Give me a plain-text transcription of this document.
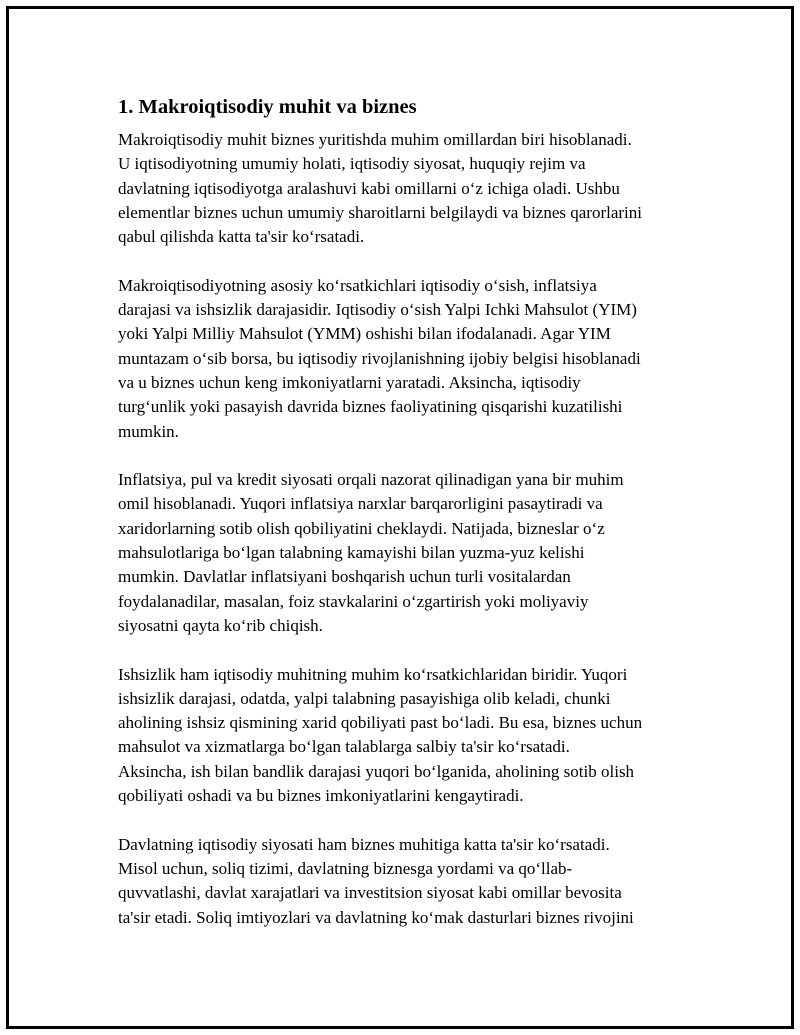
1. Makroiqtisodiy muhit va biznes

Makroiqtisodiy muhit biznes yuritishda muhim omillardan biri hisoblanadi.
U iqtisodiyotning umumiy holati, iqtisodiy siyosat, huquqiy rejim va
davlatning iqtisodiyotga aralashuvi kabi omillarni o‘z ichiga oladi. Ushbu
elementlar biznes uchun umumiy sharoitlarni belgilaydi va biznes qarorlarini
qabul qilishda katta ta'sir ko‘rsatadi.

Makroiqtisodiyotning asosiy ko‘rsatkichlari iqtisodiy o‘sish, inflatsiya
darajasi va ishsizlik darajasidir. Iqtisodiy o‘sish Yalpi Ichki Mahsulot (YIM)
yoki Yalpi Milliy Mahsulot (YMM) oshishi bilan ifodalanadi. Agar YIM
muntazam o‘sib borsa, bu iqtisodiy rivojlanishning ijobiy belgisi hisoblanadi
va u biznes uchun keng imkoniyatlarni yaratadi. Aksincha, iqtisodiy
turg‘unlik yoki pasayish davrida biznes faoliyatining qisqarishi kuzatilishi
mumkin.

Inflatsiya, pul va kredit siyosati orqali nazorat qilinadigan yana bir muhim
omil hisoblanadi. Yuqori inflatsiya narxlar barqarorligini pasaytiradi va
xaridorlarning sotib olish qobiliyatini cheklaydi. Natijada, bizneslar o‘z
mahsulotlariga bo‘lgan talabning kamayishi bilan yuzma-yuz kelishi
mumkin. Davlatlar inflatsiyani boshqarish uchun turli vositalardan
foydalanadilar, masalan, foiz stavkalarini o‘zgartirish yoki moliyaviy
siyosatni qayta ko‘rib chiqish.

Ishsizlik ham iqtisodiy muhitning muhim ko‘rsatkichlaridan biridir. Yuqori
ishsizlik darajasi, odatda, yalpi talabning pasayishiga olib keladi, chunki
aholining ishsiz qismining xarid qobiliyati past bo‘ladi. Bu esa, biznes uchun
mahsulot va xizmatlarga bo‘lgan talablarga salbiy ta'sir ko‘rsatadi.
Aksincha, ish bilan bandlik darajasi yuqori bo‘lganida, aholining sotib olish
qobiliyati oshadi va bu biznes imkoniyatlarini kengaytiradi.

Davlatning iqtisodiy siyosati ham biznes muhitiga katta ta'sir ko‘rsatadi.
Misol uchun, soliq tizimi, davlatning biznesga yordami va qo‘llab-
quvvatlashi, davlat xarajatlari va investitsion siyosat kabi omillar bevosita
ta'sir etadi. Soliq imtiyozlari va davlatning ko‘mak dasturlari biznes rivojini
